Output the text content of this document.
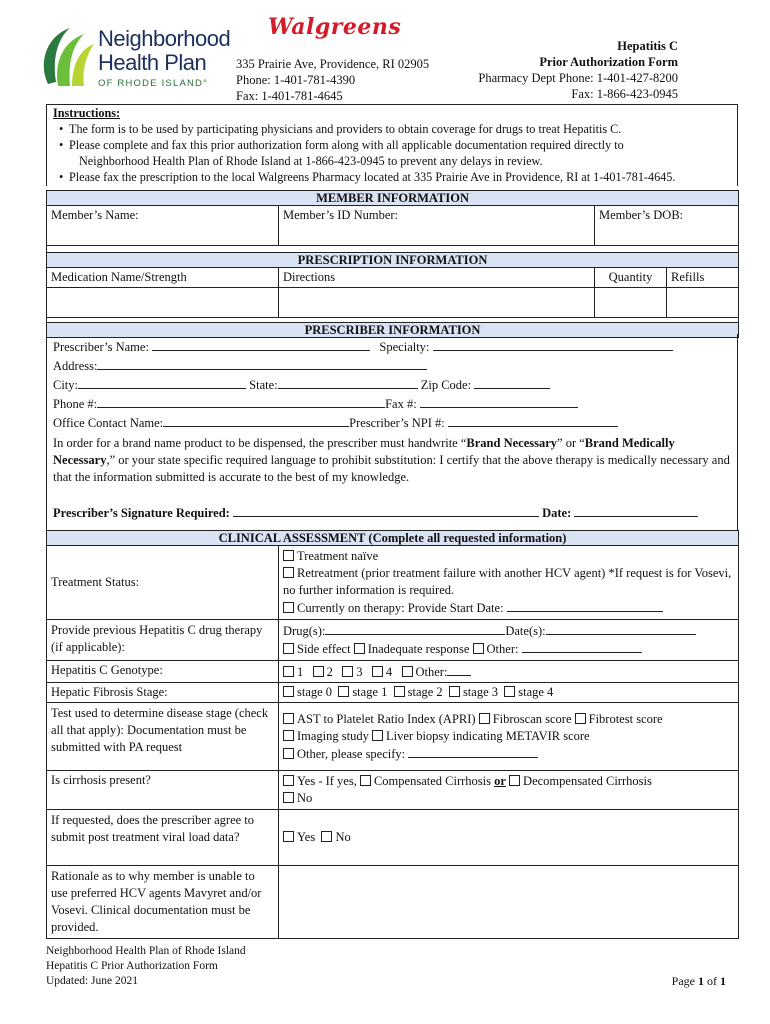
Neighborhood
Health Plan
OF RHODE ISLAND°
Walgreens
335 Prairie Ave, Providence, RI 02905
Phone: 1-401-781-4390
Fax: 1-401-781-4645
Hepatitis C
Prior Authorization Form
Pharmacy Dept Phone: 1-401-427-8200
Fax: 1-866-423-0945
Instructions:
• The form is to be used by participating physicians and providers to obtain coverage for drugs to treat Hepatitis C.
• Please complete and fax this prior authorization form along with all applicable documentation required directly to
Neighborhood Health Plan of Rhode Island at 1-866-423-0945 to prevent any delays in review.
• Please fax the prescription to the local Walgreens Pharmacy located at 335 Prairie Ave in Providence, RI at 1-401-781-4645.
MEMBER INFORMATION			
Member’s Name:	Member’s ID Number:	Member’s DOB:	

PRESCRIPTION INFORMATION			
Medication Name/Strength	Directions	Quantity	Refills

PRESCRIBER INFORMATION			
Prescriber’s Name:	Specialty:
Address:
City:	State:	Zip Code:
Phone #:	Fax #:
Office Contact Name:	Prescriber’s NPI #:
In order for a brand name product to be dispensed, the prescriber must handwrite “Brand Necessary” or “Brand Medically Necessary,” or your state specific required language to prohibit substitution: I certify that the above therapy is medically necessary and that the information submitted is accurate to the best of my knowledge.
Prescriber’s Signature Required:	Date:
CLINICAL ASSESSMENT (Complete all requested information)	
Treatment Status:	Treatment naïve
Retreatment (prior treatment failure with another HCV agent) *If request is for Vosevi, no further information is required.
Currently on therapy: Provide Start Date:

Provide previous Hepatitis C drug therapy (if applicable):	Drug(s): Date(s):
Side effect Inadequate response Other:

Hepatitis C Genotype:	1 2 3 4 Other:
Hepatic Fibrosis Stage:	stage 0 stage 1 stage 2 stage 3 stage 4
Test used to determine disease stage (check all that apply): Documentation must be submitted with PA request	AST to Platelet Ratio Index (APRI) Fibroscan score Fibrotest score
Imaging study Liver biopsy indicating METAVIR score
Other, please specify:

Is cirrhosis present?	Yes - If yes, Compensated Cirrhosis or Decompensated Cirrhosis
No

If requested, does the prescriber agree to submit post treatment viral load data?	Yes No
Rationale as to why member is unable to use preferred HCV agents Mavyret and/or Vosevi. Clinical documentation must be provided.	
Neighborhood Health Plan of Rhode Island
Hepatitis C Prior Authorization Form
Updated: June 2021	Page 1 of 1
